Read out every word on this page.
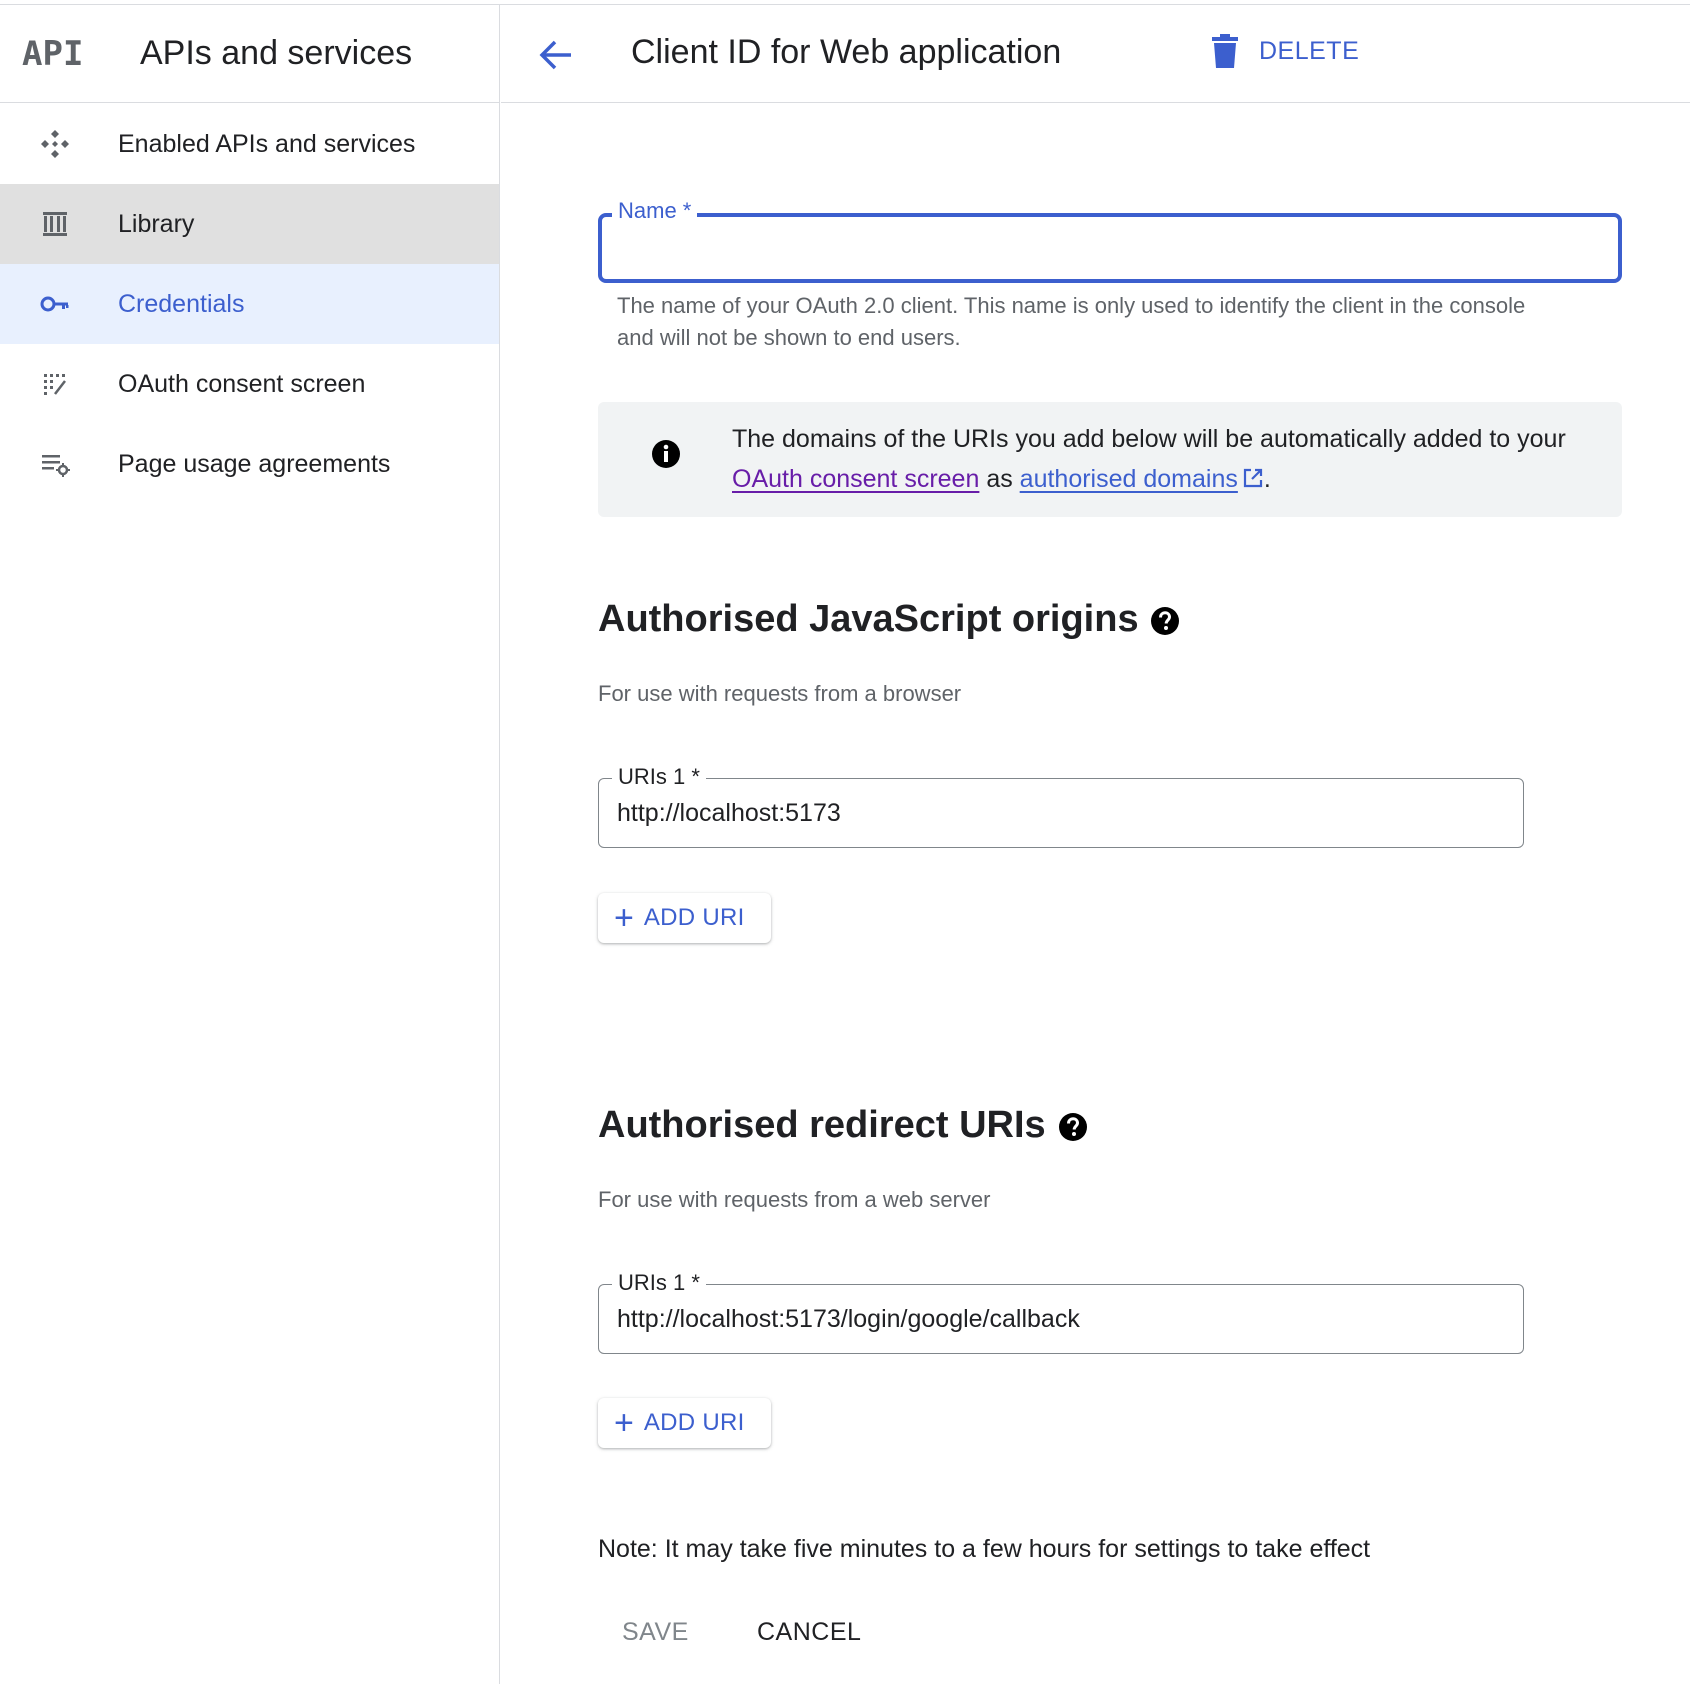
API	APIs and services
Enabled APIs and services
Library
Credentials
OAuth consent screen
Page usage agreements
Client ID for Web application	DELETE
Name *

The name of your OAuth 2.0 client. This name is only used to identify the client in the console and will not be shown to end users.

The domains of the URIs you add below will be automatically added to your OAuth consent screen as authorised domains .
Authorised JavaScript origins

For use with requests from a browser

URIs 1 *
http://localhost:5173
+ ADD URI
Authorised redirect URIs

For use with requests from a web server

URIs 1 *
http://localhost:5173/login/google/callback
+ ADD URI

Note: It may take five minutes to a few hours for settings to take effect

SAVE	CANCEL
